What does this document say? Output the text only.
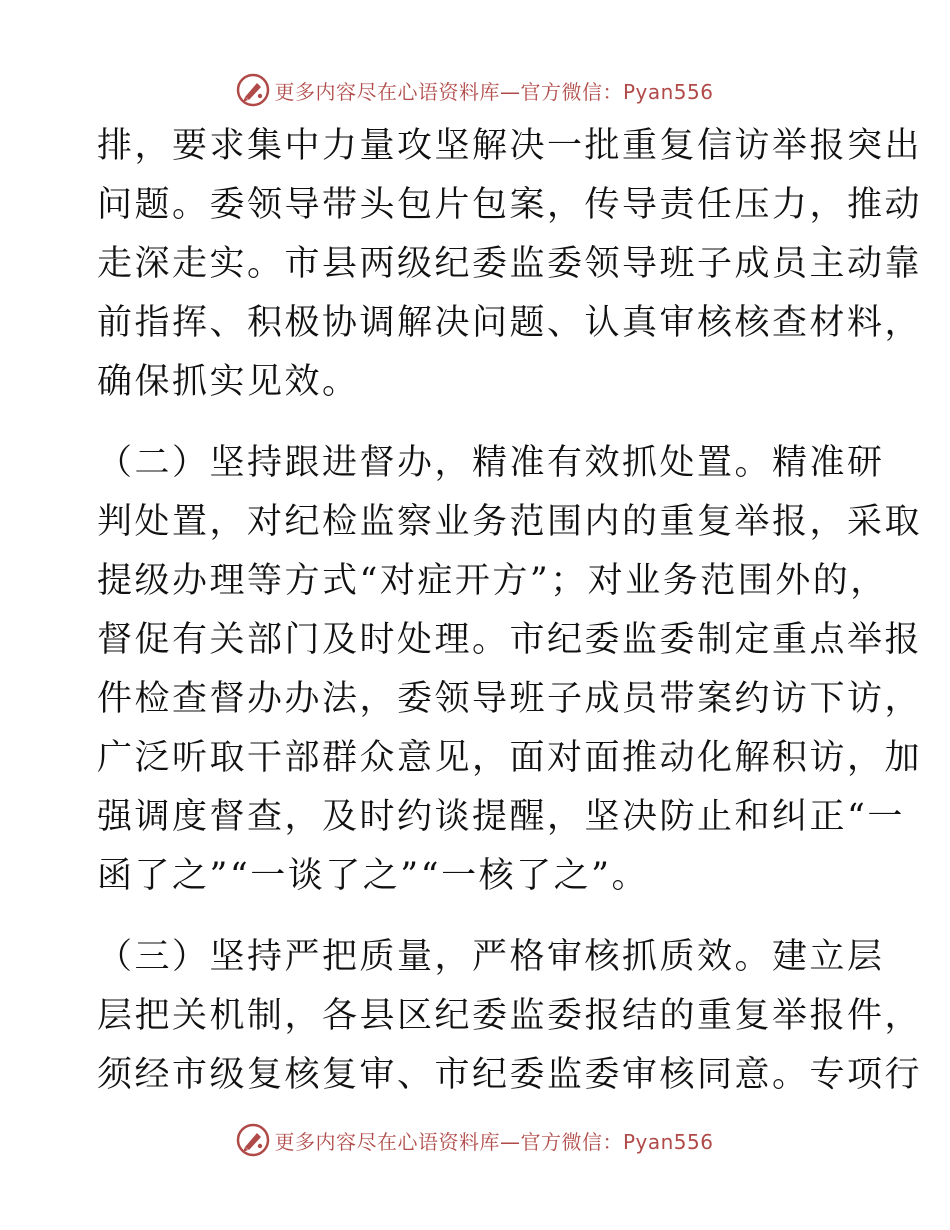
更多内容尽在心语资料库—官方微信：Pyan556

排，要求集中力量攻坚解决一批重复信访举报突出
问题。委领导带头包片包案，传导责任压力，推动
走深走实。市县两级纪委监委领导班子成员主动靠
前指挥、积极协调解决问题、认真审核核查材料，
确保抓实见效。

（二）坚持跟进督办，精准有效抓处置。精准研
判处置，对纪检监察业务范围内的重复举报，采取
提级办理等方式“对症开方”；对业务范围外的，
督促有关部门及时处理。市纪委监委制定重点举报
件检查督办办法，委领导班子成员带案约访下访，
广泛听取干部群众意见，面对面推动化解积访，加
强调度督查，及时约谈提醒，坚决防止和纠正“一
函了之”“一谈了之”“一核了之”。

（三）坚持严把质量，严格审核抓质效。建立层
层把关机制，各县区纪委监委报结的重复举报件，
须经市级复核复审、市纪委监委审核同意。专项行

更多内容尽在心语资料库—官方微信：Pyan556
